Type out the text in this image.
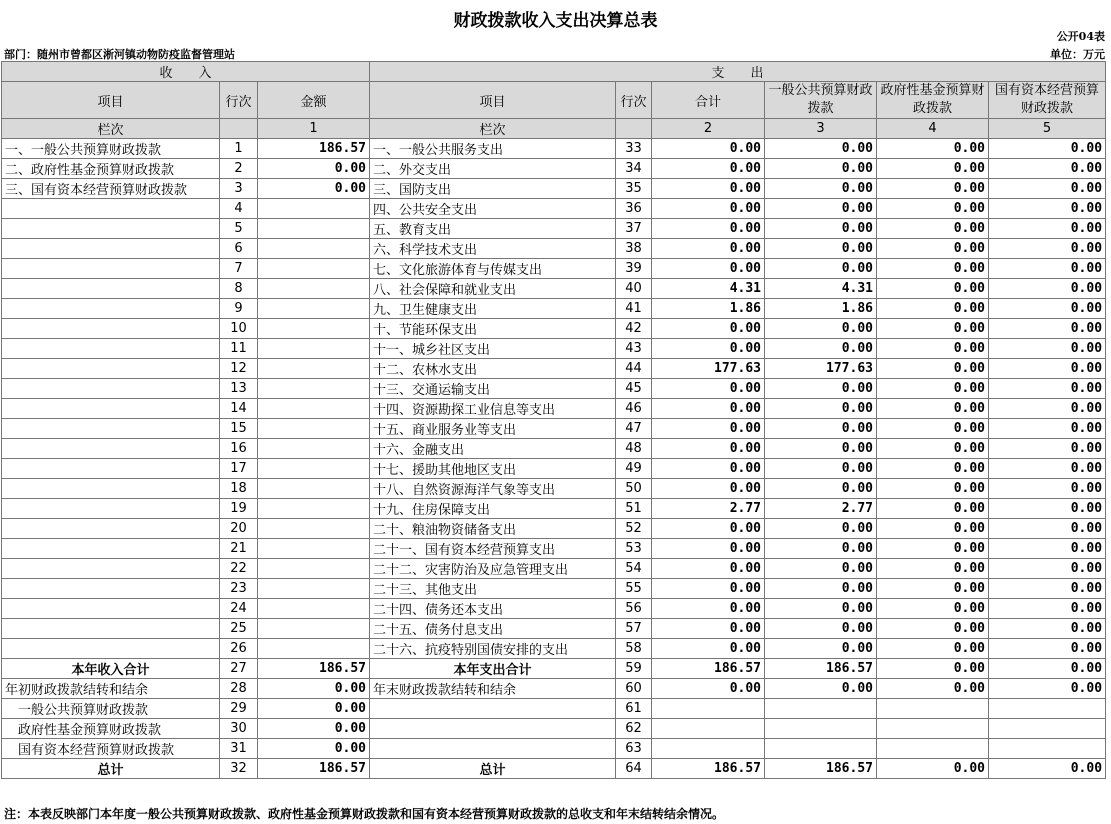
财政拨款收入支出决算总表
公开04表
部门：随州市曾都区淅河镇动物防疫监督管理站	单位：万元
收　　入			支　　出					
项目	行次	金额	项目	行次	合计	一般公共预算财政拨款	政府性基金预算财政拨款	国有资本经营预算财政拨款
栏次		1	栏次		2	3	4	5
一、一般公共预算财政拨款	1	186.57	一、一般公共服务支出	33	0.00	0.00	0.00	0.00
二、政府性基金预算财政拨款	2	0.00	二、外交支出	34	0.00	0.00	0.00	0.00
三、国有资本经营预算财政拨款	3	0.00	三、国防支出	35	0.00	0.00	0.00	0.00
	4		四、公共安全支出	36	0.00	0.00	0.00	0.00
	5		五、教育支出	37	0.00	0.00	0.00	0.00
	6		六、科学技术支出	38	0.00	0.00	0.00	0.00
	7		七、文化旅游体育与传媒支出	39	0.00	0.00	0.00	0.00
	8		八、社会保障和就业支出	40	4.31	4.31	0.00	0.00
	9		九、卫生健康支出	41	1.86	1.86	0.00	0.00
	10		十、节能环保支出	42	0.00	0.00	0.00	0.00
	11		十一、城乡社区支出	43	0.00	0.00	0.00	0.00
	12		十二、农林水支出	44	177.63	177.63	0.00	0.00
	13		十三、交通运输支出	45	0.00	0.00	0.00	0.00
	14		十四、资源勘探工业信息等支出	46	0.00	0.00	0.00	0.00
	15		十五、商业服务业等支出	47	0.00	0.00	0.00	0.00
	16		十六、金融支出	48	0.00	0.00	0.00	0.00
	17		十七、援助其他地区支出	49	0.00	0.00	0.00	0.00
	18		十八、自然资源海洋气象等支出	50	0.00	0.00	0.00	0.00
	19		十九、住房保障支出	51	2.77	2.77	0.00	0.00
	20		二十、粮油物资储备支出	52	0.00	0.00	0.00	0.00
	21		二十一、国有资本经营预算支出	53	0.00	0.00	0.00	0.00
	22		二十二、灾害防治及应急管理支出	54	0.00	0.00	0.00	0.00
	23		二十三、其他支出	55	0.00	0.00	0.00	0.00
	24		二十四、债务还本支出	56	0.00	0.00	0.00	0.00
	25		二十五、债务付息支出	57	0.00	0.00	0.00	0.00
	26		二十六、抗疫特别国债安排的支出	58	0.00	0.00	0.00	0.00
本年收入合计	27	186.57	本年支出合计	59	186.57	186.57	0.00	0.00
年初财政拨款结转和结余	28	0.00	年末财政拨款结转和结余	60	0.00	0.00	0.00	0.00
　一般公共预算财政拨款	29	0.00		61				
　政府性基金预算财政拨款	30	0.00		62				
　国有资本经营预算财政拨款	31	0.00		63				
总计	32	186.57	总计	64	186.57	186.57	0.00	0.00
注：本表反映部门本年度一般公共预算财政拨款、政府性基金预算财政拨款和国有资本经营预算财政拨款的总收支和年末结转结余情况。
